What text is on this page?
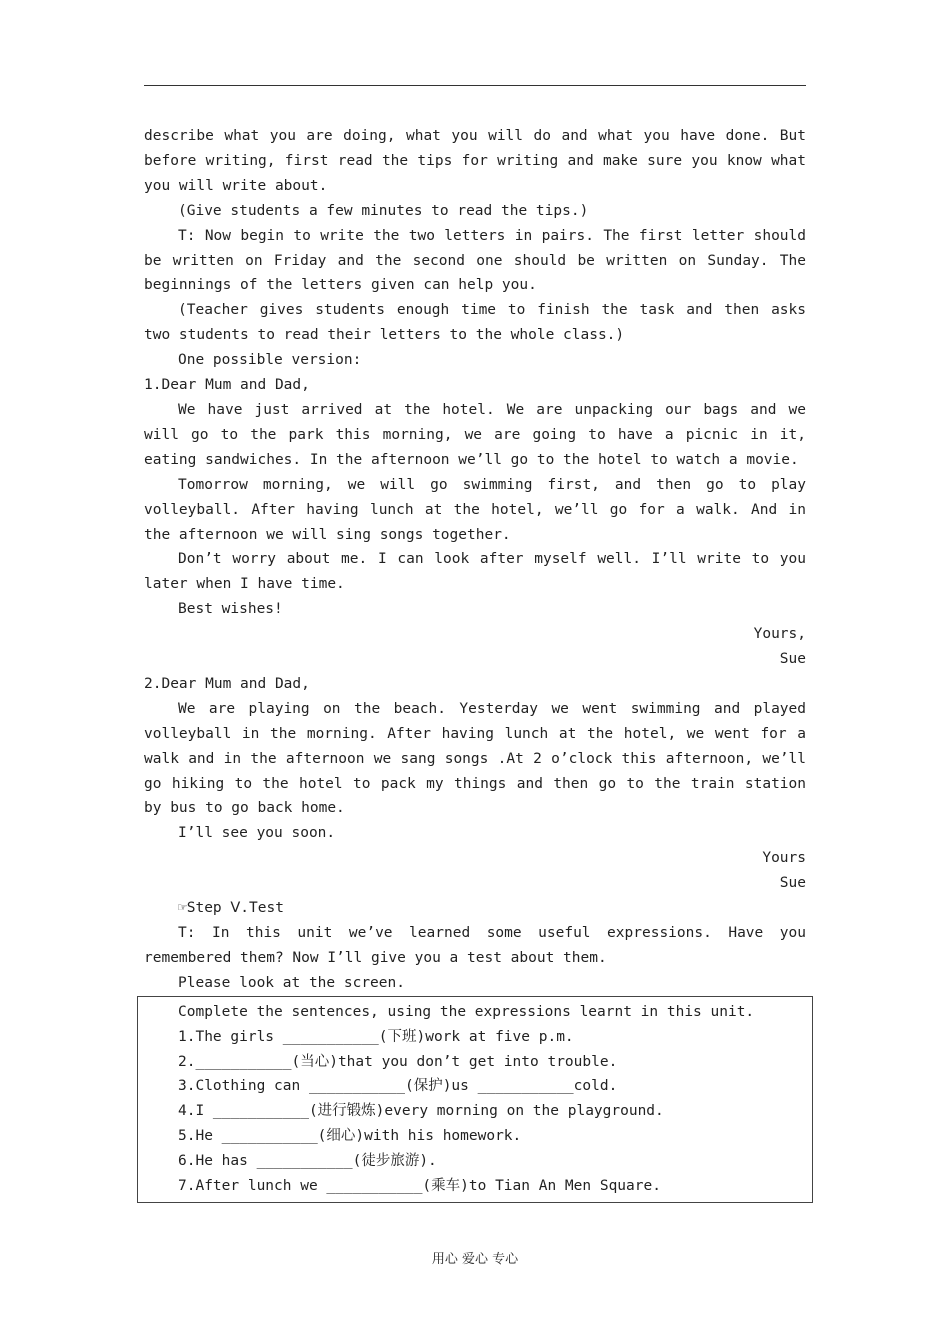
describe what you are doing, what you will do and what you have done. But before writing, first read the tips for writing and make sure you know what you will write about.

(Give students a few minutes to read the tips.)

T: Now begin to write the two letters in pairs. The first letter should be written on Friday and the second one should be written on Sunday. The beginnings of the letters given can help you.

(Teacher gives students enough time to finish the task and then asks two students to read their letters to the whole class.)

One possible version:

1.Dear Mum and Dad,

We have just arrived at the hotel. We are unpacking our bags and we will go to the park this morning, we are going to have a picnic in it, eating sandwiches. In the afternoon we’ll go to the hotel to watch a movie.

Tomorrow morning, we will go swimming first, and then go to play volleyball. After having lunch at the hotel, we’ll go for a walk. And in the afternoon we will sing songs together.

Don’t worry about me. I can look after myself well. I’ll write to you later when I have time.

Best wishes!

Yours,

Sue

2.Dear Mum and Dad,

We are playing on the beach. Yesterday we went swimming and played volleyball in the morning. After having lunch at the hotel, we went for a walk and in the afternoon we sang songs .At 2 o’clock this afternoon, we’ll go hiking to the hotel to pack my things and then go to the train station by bus to go back home.

I’ll see you soon.

Yours

Sue

☞Step Ⅴ.Test

T: In this unit we’ve learned some useful expressions. Have you remembered them? Now I’ll give you a test about them.

Please look at the screen.

Complete the sentences, using the expressions learnt in this unit.

1.The girls ___________(下班)work at five p.m.

2.___________(当心)that you don’t get into trouble.

3.Clothing can ___________(保护)us ___________cold.

4.I ___________(进行锻炼)every morning on the playground.

5.He ___________(细心)with his homework.

6.He has ___________(徒步旅游).

7.After lunch we ___________(乘车)to Tian An Men Square.

用心 爱心 专心
